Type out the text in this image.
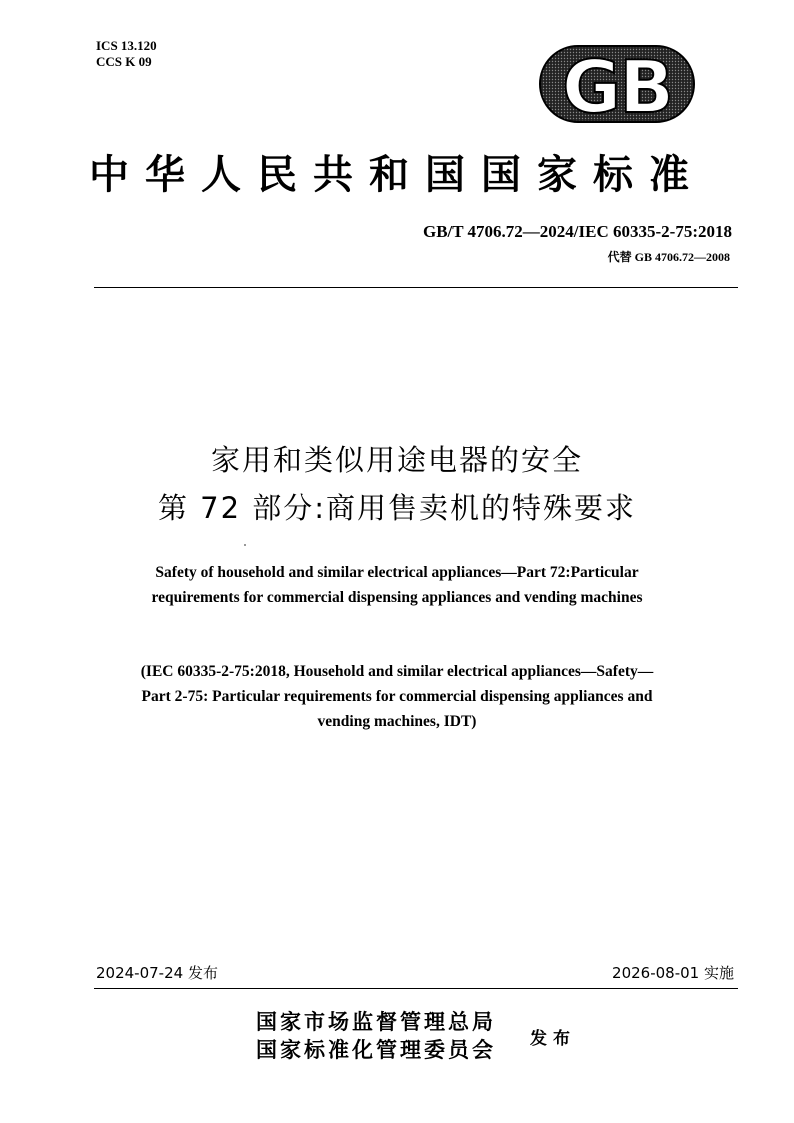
ICS 13.120
CCS K 09	GB
中华人民共和国国家标准
GB/T 4706.72—2024/IEC 60335-2-75:2018
代替 GB 4706.72—2008
家用和类似用途电器的安全
第 72 部分:商用售卖机的特殊要求
Safety of household and similar electrical appliances—Part 72:Particular
requirements for commercial dispensing appliances and vending machines
(IEC 60335-2-75:2018, Household and similar electrical appliances—Safety—
Part 2-75: Particular requirements for commercial dispensing appliances and
vending machines, IDT)
2024-07-24 发布	2026-08-01 实施
国家市场监督管理总局
国家标准化管理委员会 发布
